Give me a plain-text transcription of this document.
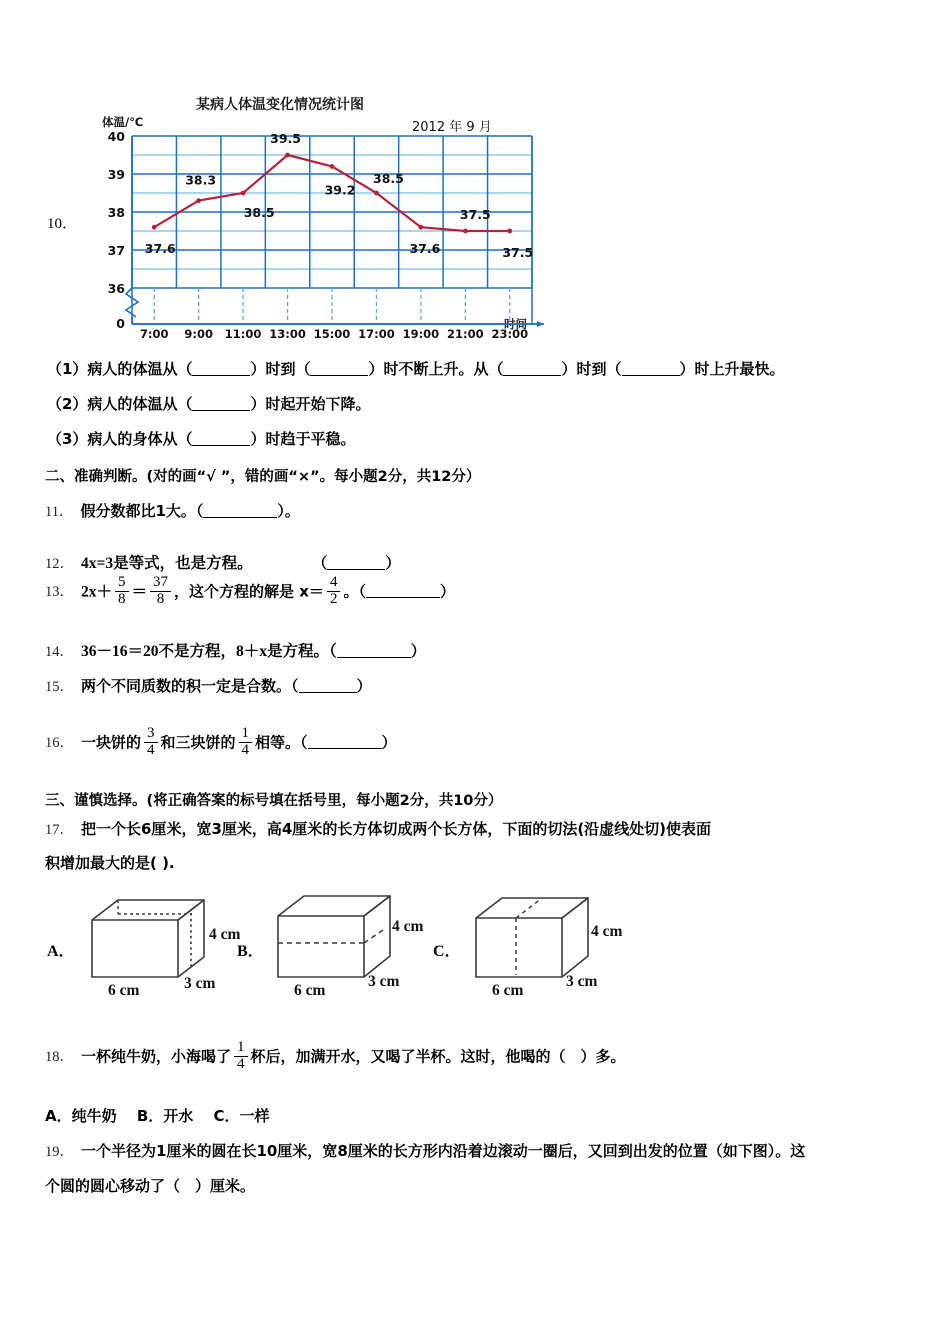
10．
某病人体温变化情况统计图
体温/℃	2012 年 9 月
时间
0
36
37
38
39
40
7:00 9:00 11:00 13:00 15:00 17:00 19:00 21:00 23:00
37.6
38.3
38.5
39.5
39.2
38.5
37.6
37.5
37.5
（1）病人的体温从（	）时到（	）时不断上升。从（	）时到（	）时上升最快。
（2）病人的体温从（	）时起开始下降。
（3）病人的身体从（	）时趋于平稳。
二、准确判断。(对的画“√ ”，错的画“×”。每小题2分，共12分）
11． 假分数都比1大。（	）。
12． 4x=3是等式，也是方程。　　　　　（	）
13． $2x+ \frac{5}{8} = \frac{37}{8}$ ，这个方程的解是 $x= \frac{4}{2}$ 。（	）
14． 36－16＝20不是方程，8＋x是方程。（	）
15． 两个不同质数的积一定是合数。（	）
16． 一块饼的 $\frac{3}{4}$ 和三块饼的 $\frac{1}{4}$ 相等。（	）
三、谨慎选择。(将正确答案的标号填在括号里，每小题2分，共10分）
17． 把一个长6厘米，宽3厘米，高4厘米的长方体切成两个长方体，下面的切法(沿虚线处切)使表面
积增加最大的是( ).
A．
4 cm
3 cm
6 cm
B．
4 cm
3 cm
6 cm
C．
4 cm
3 cm
6 cm
18． 一杯纯牛奶，小海喝了 $\frac{1}{4}$ 杯后，加满开水，又喝了半杯。这时，他喝的（　）多。
A．纯牛奶　 B．开水　 C．一样
19． 一个半径为1厘米的圆在长10厘米，宽8厘米的长方形内沿着边滚动一圈后，又回到出发的位置（如下图）。这
个圆的圆心移动了（　）厘米。
